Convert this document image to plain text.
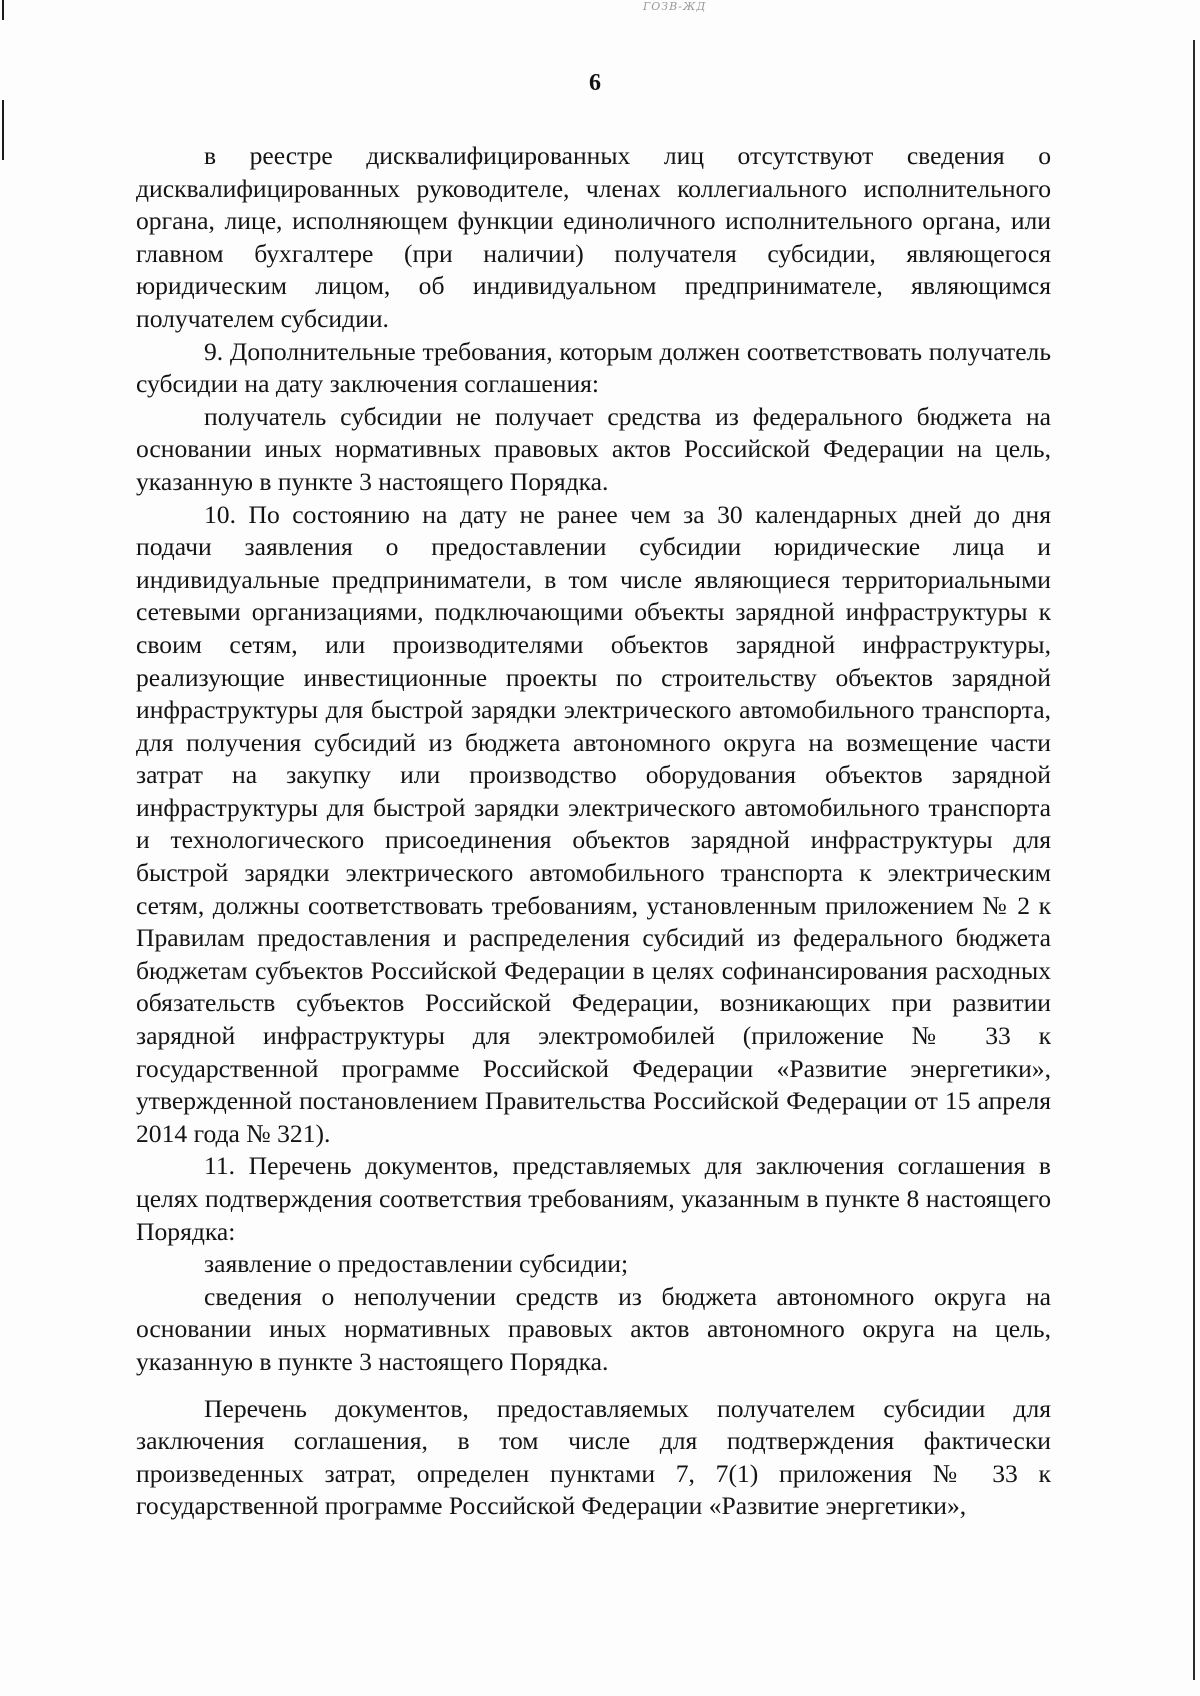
ГОЗВ-ЖД
6

в реестре дисквалифицированных лиц отсутствуют сведения о дисквалифицированных руководителе, членах коллегиального исполнительного органа, лице, исполняющем функции единоличного исполнительного органа, или главном бухгалтере (при наличии) получателя субсидии, являющегося юридическим лицом, об индивидуальном предпринимателе, являющимся получателем субсидии.

9. Дополнительные требования, которым должен соответствовать получатель субсидии на дату заключения соглашения:

получатель субсидии не получает средства из федерального бюджета на основании иных нормативных правовых актов Российской Федерации на цель, указанную в пункте 3 настоящего Порядка.

10. По состоянию на дату не ранее чем за 30 календарных дней до дня подачи заявления о предоставлении субсидии юридические лица и индивидуальные предприниматели, в том числе являющиеся территориальными сетевыми организациями, подключающими объекты зарядной инфраструктуры к своим сетям, или производителями объектов зарядной инфраструктуры, реализующие инвестиционные проекты по строительству объектов зарядной инфраструктуры для быстрой зарядки электрического автомобильного транспорта, для получения субсидий из бюджета автономного округа на возмещение части затрат на закупку или производство оборудования объектов зарядной инфраструктуры для быстрой зарядки электрического автомобильного транспорта и технологического присоединения объектов зарядной инфраструктуры для быстрой зарядки электрического автомобильного транспорта к электрическим сетям, должны соответствовать требованиям, установленным приложением № 2 к Правилам предоставления и распределения субсидий из федерального бюджета бюджетам субъектов Российской Федерации в целях софинансирования расходных обязательств субъектов Российской Федерации, возникающих при развитии зарядной инфраструктуры для электромобилей (приложение № 33 к государственной программе Российской Федерации «Развитие энергетики», утвержденной постановлением Правительства Российской Федерации от 15 апреля 2014 года № 321).

11. Перечень документов, представляемых для заключения соглашения в целях подтверждения соответствия требованиям, указанным в пункте 8 настоящего Порядка:

заявление о предоставлении субсидии;

сведения о неполучении средств из бюджета автономного округа на основании иных нормативных правовых актов автономного округа на цель, указанную в пункте 3 настоящего Порядка.

Перечень документов, предоставляемых получателем субсидии для заключения соглашения, в том числе для подтверждения фактически произведенных затрат, определен пунктами 7, 7(1) приложения № 33 к государственной программе Российской Федерации «Развитие энергетики»,
